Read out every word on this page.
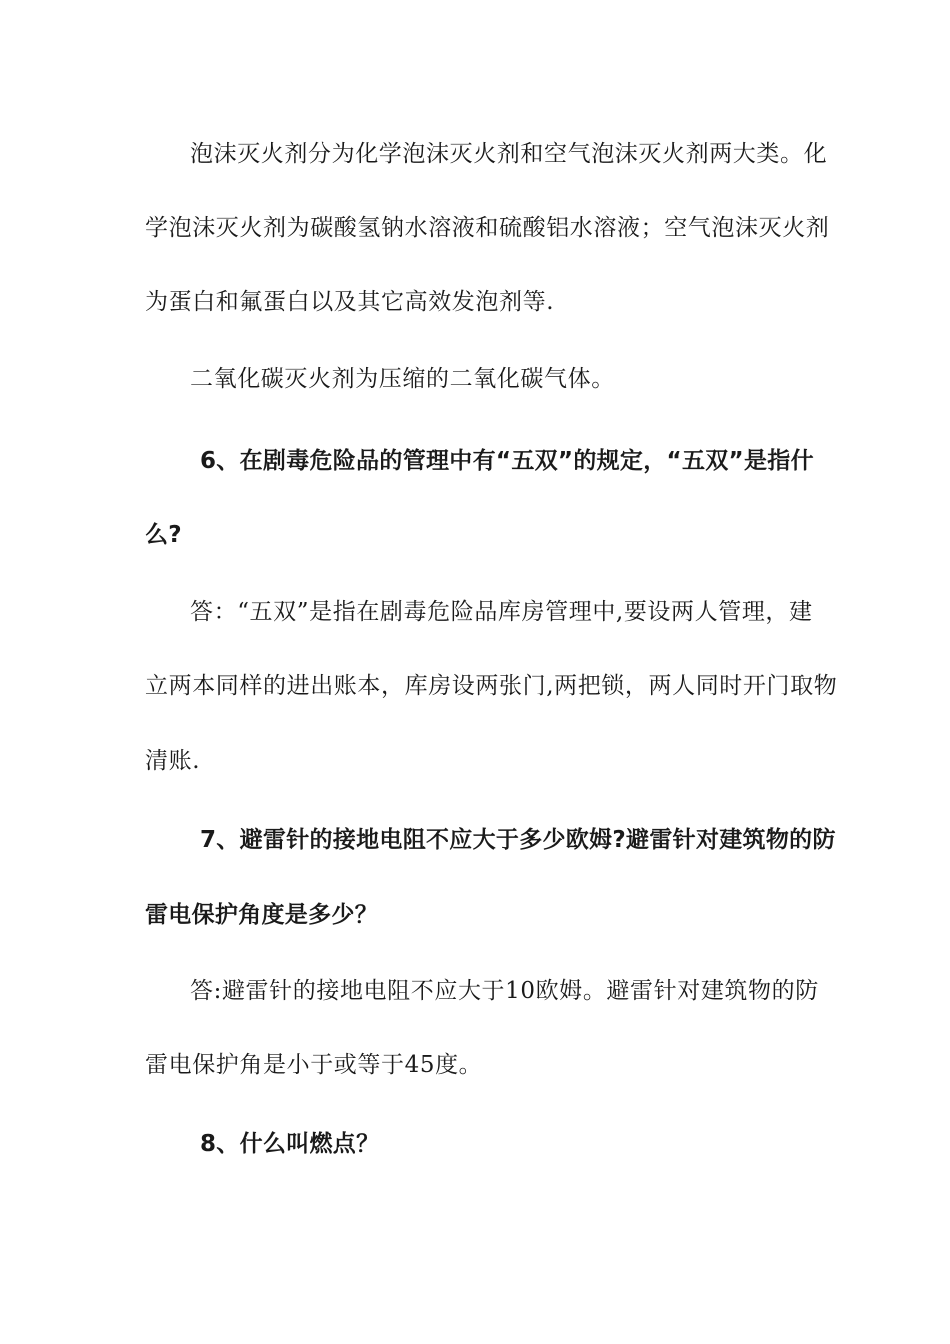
泡沫灭火剂分为化学泡沫灭火剂和空气泡沫灭火剂两大类。化
学泡沫灭火剂为碳酸氢钠水溶液和硫酸铝水溶液；空气泡沫灭火剂
为蛋白和氟蛋白以及其它高效发泡剂等.
二氧化碳灭火剂为压缩的二氧化碳气体。
6、在剧毒危险品的管理中有“五双”的规定，“五双”是指什
么?
答：“五双”是指在剧毒危险品库房管理中,要设两人管理，建
立两本同样的进出账本，库房设两张门,两把锁，两人同时开门取物
清账.
7、避雷针的接地电阻不应大于多少欧姆?避雷针对建筑物的防
雷电保护角度是多少？
答:避雷针的接地电阻不应大于10欧姆。避雷针对建筑物的防
雷电保护角是小于或等于45度。
8、什么叫燃点？
